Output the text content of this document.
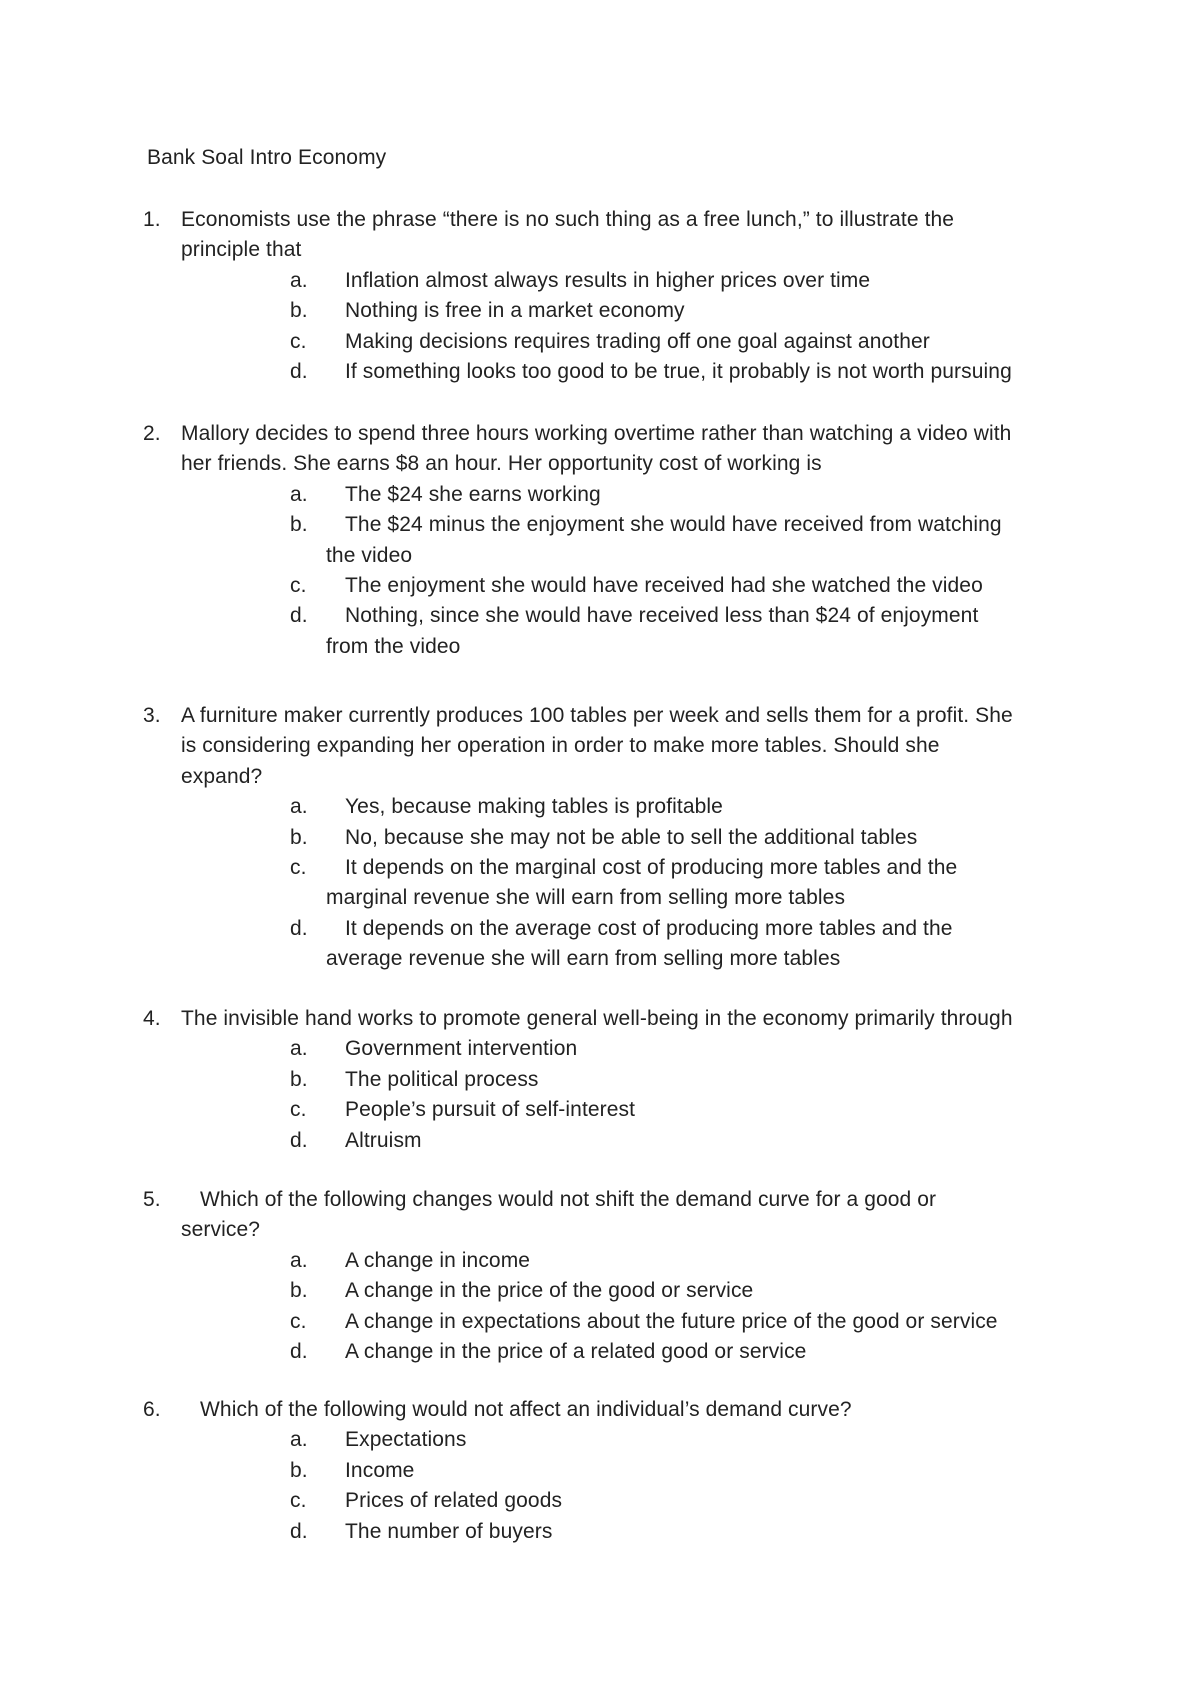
Bank Soal Intro Economy
1. Economists use the phrase “there is no such thing as a free lunch,” to illustrate the
principle that
a. Inflation almost always results in higher prices over time
b. Nothing is free in a market economy
c. Making decisions requires trading off one goal against another
d. If something looks too good to be true, it probably is not worth pursuing
2. Mallory decides to spend three hours working overtime rather than watching a video with
her friends. She earns $8 an hour. Her opportunity cost of working is
a. The $24 she earns working
b. The $24 minus the enjoyment she would have received from watching
the video
c. The enjoyment she would have received had she watched the video
d. Nothing, since she would have received less than $24 of enjoyment
from the video
3. A furniture maker currently produces 100 tables per week and sells them for a profit. She
is considering expanding her operation in order to make more tables. Should she
expand?
a. Yes, because making tables is profitable
b. No, because she may not be able to sell the additional tables
c. It depends on the marginal cost of producing more tables and the
marginal revenue she will earn from selling more tables
d. It depends on the average cost of producing more tables and the
average revenue she will earn from selling more tables
4. The invisible hand works to promote general well-being in the economy primarily through
a. Government intervention
b. The political process
c. People’s pursuit of self-interest
d. Altruism
5. Which of the following changes would not shift the demand curve for a good or
service?
a. A change in income
b. A change in the price of the good or service
c. A change in expectations about the future price of the good or service
d. A change in the price of a related good or service
6. Which of the following would not affect an individual’s demand curve?
a. Expectations
b. Income
c. Prices of related goods
d. The number of buyers
